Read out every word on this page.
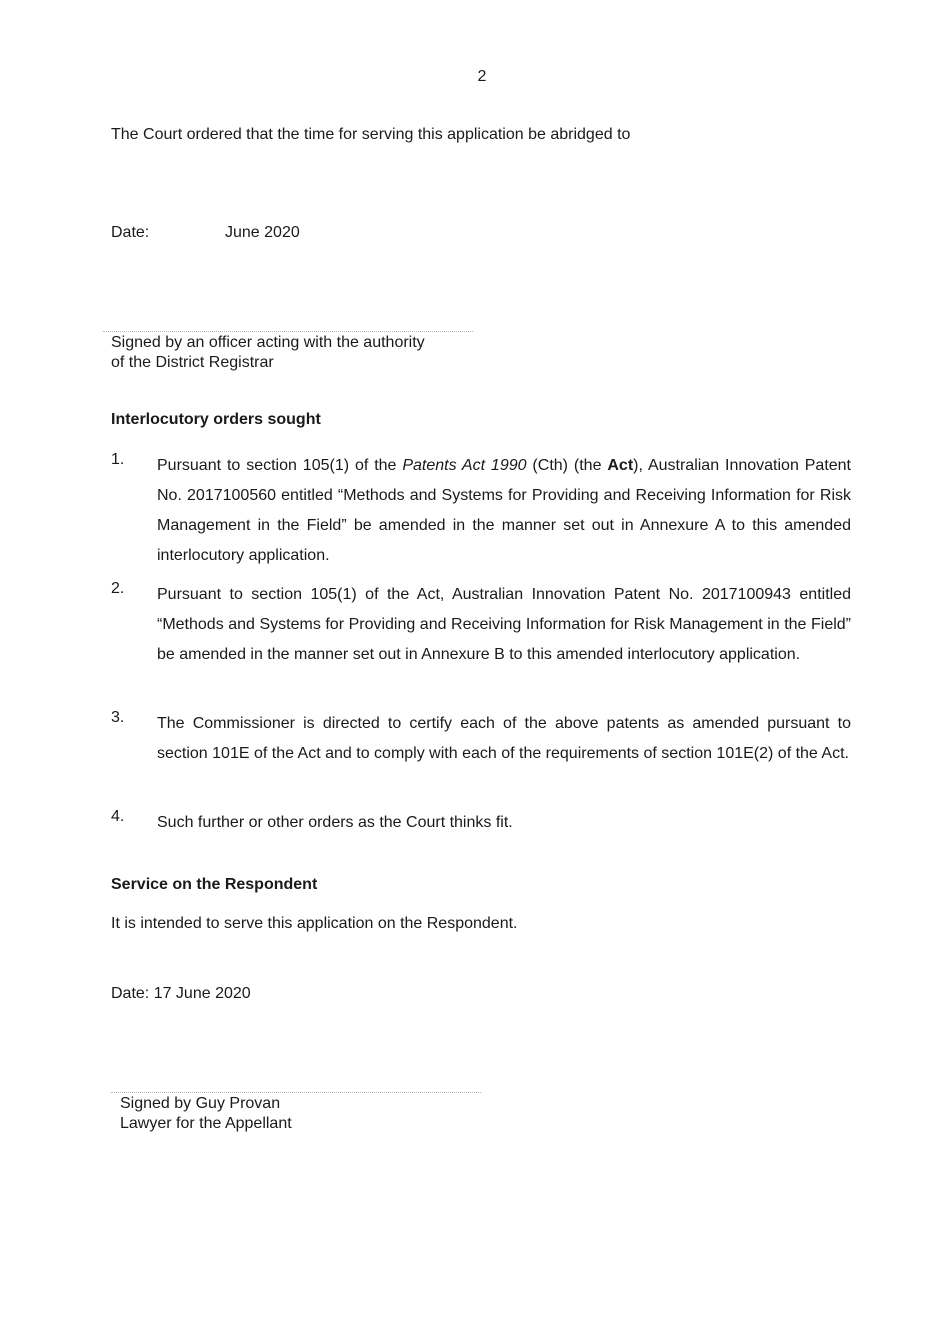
2
The Court ordered that the time for serving this application be abridged to
Date:	June 2020
Signed by an officer acting with the authority
of the District Registrar
Interlocutory orders sought
1. Pursuant to section 105(1) of the Patents Act 1990 (Cth) (the Act), Australian Innovation Patent No. 2017100560 entitled “Methods and Systems for Providing and Receiving Information for Risk Management in the Field” be amended in the manner set out in Annexure A to this amended interlocutory application.

2. Pursuant to section 105(1) of the Act, Australian Innovation Patent No. 2017100943 entitled “Methods and Systems for Providing and Receiving Information for Risk Management in the Field” be amended in the manner set out in Annexure B to this amended interlocutory application.

3. The Commissioner is directed to certify each of the above patents as amended pursuant to section 101E of the Act and to comply with each of the requirements of section 101E(2) of the Act.

4. Such further or other orders as the Court thinks fit.

Service on the Respondent
It is intended to serve this application on the Respondent.
Date: 17 June 2020
Signed by Guy Provan
Lawyer for the Appellant
